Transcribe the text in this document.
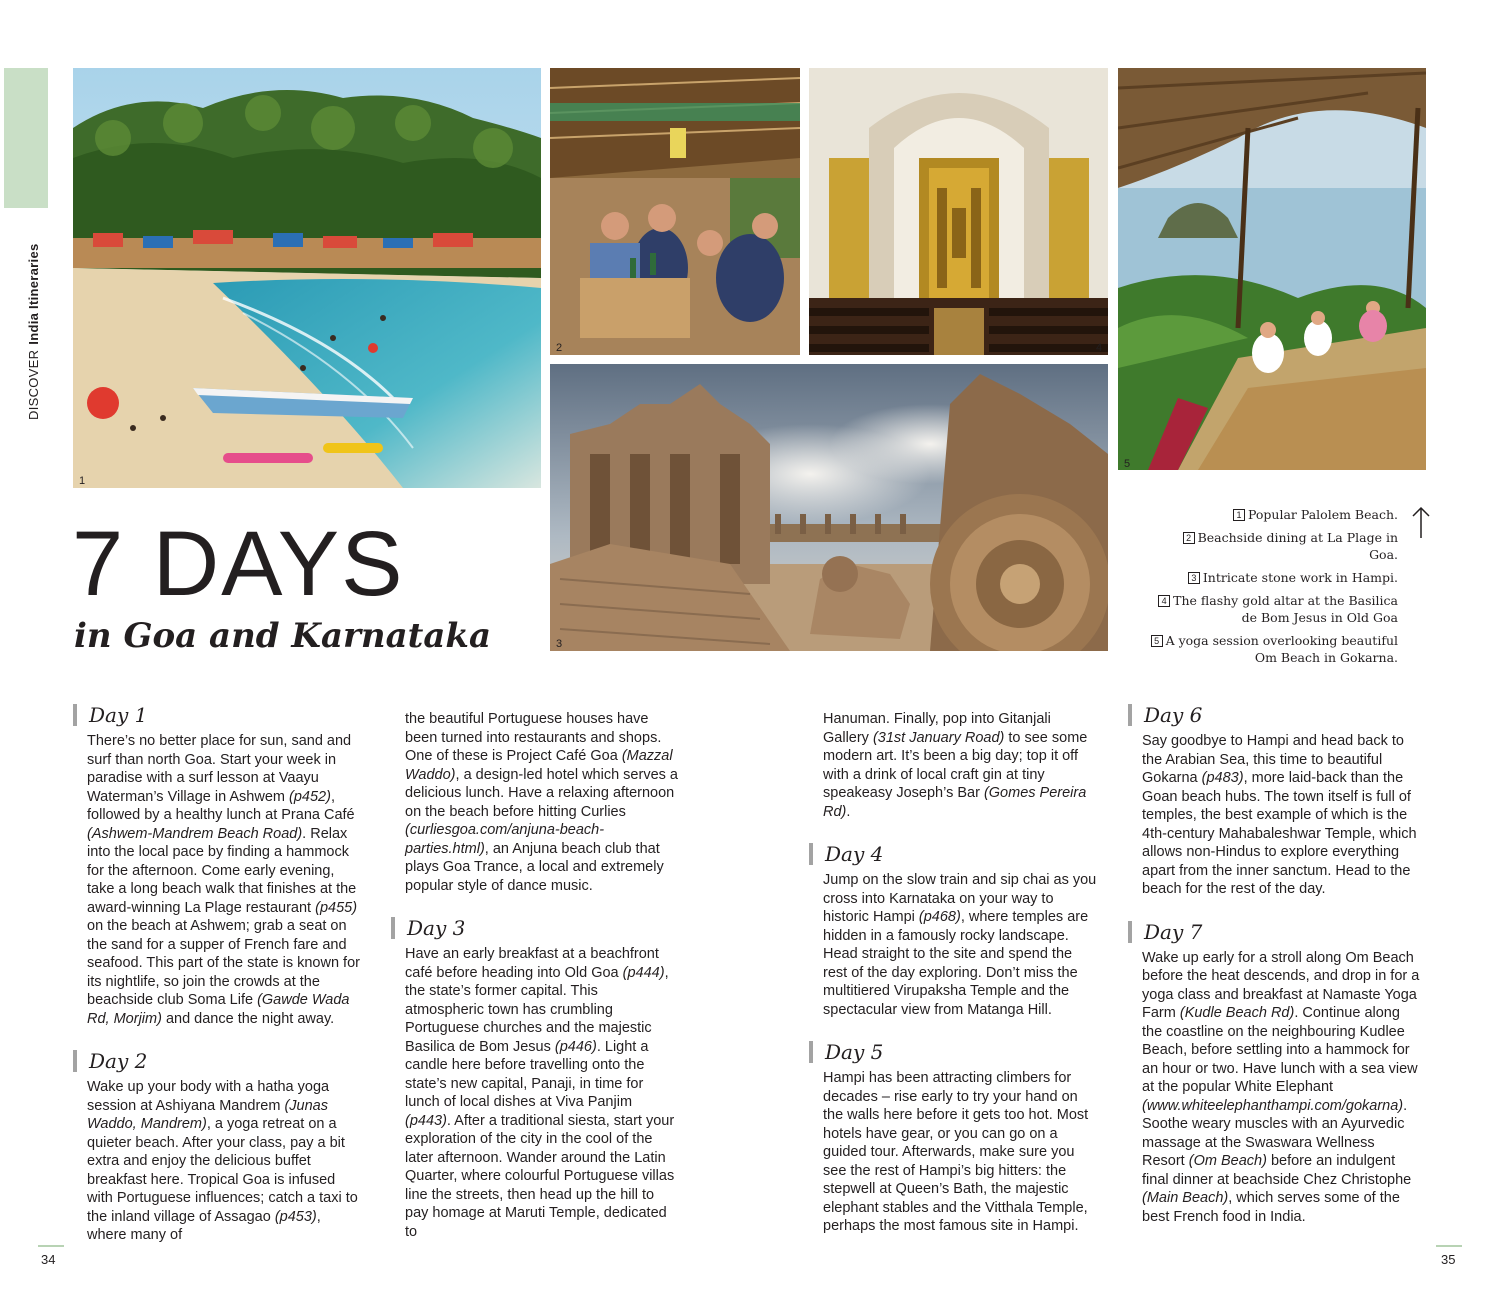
DISCOVERIndia Itineraries
1
2	4
5
3
7 DAYS
in Goa and Karnataka
1 Popular Palolem Beach.
2 Beachside dining at La Plage in Goa.
3 Intricate stone work in Hampi.
4 The flashy gold altar at the Basilica de Bom Jesus in Old Goa
5 A yoga session overlooking beautiful Om Beach in Gokarna.
Day 1

There’s no better place for sun, sand and surf than north Goa. Start your week in paradise with a surf lesson at Vaayu Waterman’s Village in Ashwem (p452), followed by a healthy lunch at Prana Café (Ashwem-Mandrem Beach Road). Relax into the local pace by finding a hammock for the afternoon. Come early evening, take a long beach walk that finishes at the award-winning La Plage restaurant (p455) on the beach at Ashwem; grab a seat on the sand for a supper of French fare and seafood. This part of the state is known for its nightlife, so join the crowds at the beachside club Soma Life (Gawde Wada Rd, Morjim) and dance the night away.

Day 2

Wake up your body with a hatha yoga session at Ashiyana Mandrem (Junas Waddo, Mandrem), a yoga retreat on a quieter beach. After your class, pay a bit extra and enjoy the delicious buffet breakfast here. Tropical Goa is infused with Portuguese influences; catch a taxi to the inland village of Assagao (p453), where many of

the beautiful Portuguese houses have been turned into restaurants and shops. One of these is Project Café Goa (Mazzal Waddo), a design-led hotel which serves a delicious lunch. Have a relaxing afternoon on the beach before hitting Curlies (curliesgoa.com/anjuna-beach-parties.html), an Anjuna beach club that plays Goa Trance, a local and extremely popular style of dance music.

Day 3

Have an early breakfast at a beachfront café before heading into Old Goa (p444), the state’s former capital. This atmospheric town has crumbling Portuguese churches and the majestic Basilica de Bom Jesus (p446). Light a candle here before travelling onto the state’s new capital, Panaji, in time for lunch of local dishes at Viva Panjim (p443). After a traditional siesta, start your exploration of the city in the cool of the later afternoon. Wander around the Latin Quarter, where colourful Portuguese villas line the streets, then head up the hill to pay homage at Maruti Temple, dedicated to

Hanuman. Finally, pop into Gitanjali Gallery (31st January Road) to see some modern art. It’s been a big day; top it off with a drink of local craft gin at tiny speakeasy Joseph’s Bar (Gomes Pereira Rd).

Day 4

Jump on the slow train and sip chai as you cross into Karnataka on your way to historic Hampi (p468), where temples are hidden in a famously rocky landscape. Head straight to the site and spend the rest of the day exploring. Don’t miss the multitiered Virupaksha Temple and the spectacular view from Matanga Hill.

Day 5

Hampi has been attracting climbers for decades – rise early to try your hand on the walls here before it gets too hot. Most hotels have gear, or you can go on a guided tour. Afterwards, make sure you see the rest of Hampi’s big hitters: the stepwell at Queen’s Bath, the majestic elephant stables and the Vitthala Temple, perhaps the most famous site in Hampi.

Day 6

Say goodbye to Hampi and head back to the Arabian Sea, this time to beautiful Gokarna (p483), more laid-back than the Goan beach hubs. The town itself is full of temples, the best example of which is the 4th-century Mahabaleshwar Temple, which allows non-Hindus to explore everything apart from the inner sanctum. Head to the beach for the rest of the day.

Day 7

Wake up early for a stroll along Om Beach before the heat descends, and drop in for a yoga class and breakfast at Namaste Yoga Farm (Kudle Beach Rd). Continue along the coastline on the neighbouring Kudlee Beach, before settling into a hammock for an hour or two. Have lunch with a sea view at the popular White Elephant (www.whiteelephanthampi.com/gokarna). Soothe weary muscles with an Ayurvedic massage at the Swaswara Wellness Resort (Om Beach) before an indulgent final dinner at beachside Chez Christophe (Main Beach), which serves some of the best French food in India.

34	35
